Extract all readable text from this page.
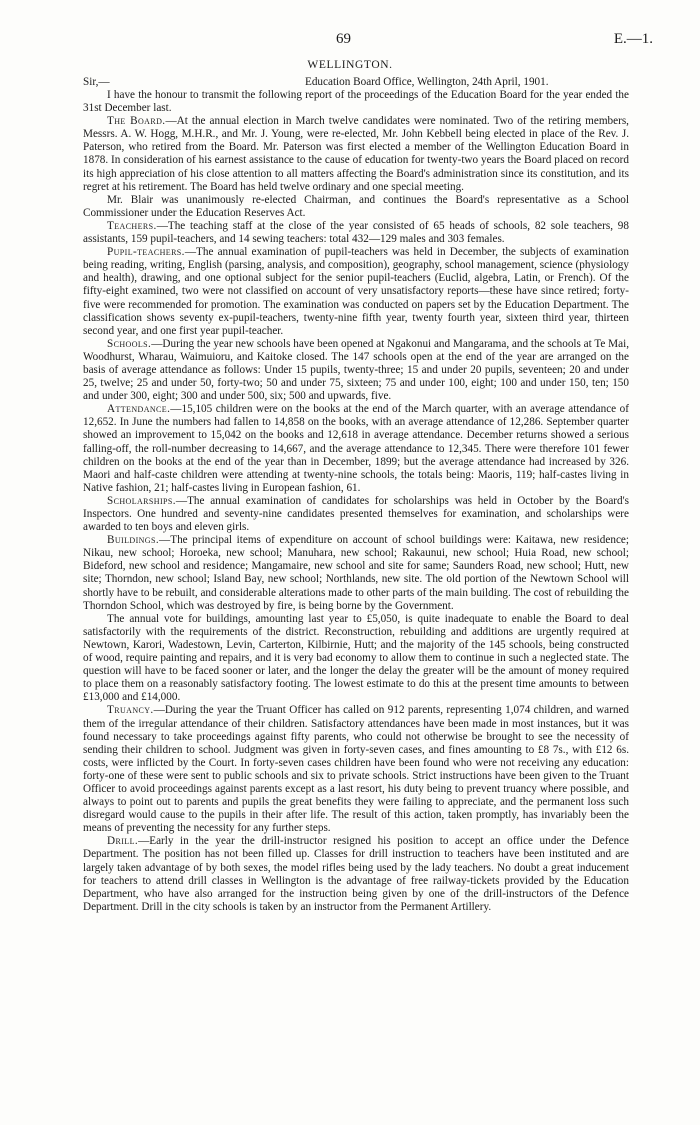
69	E.—1.
WELLINGTON.
Sir,—	Education Board Office, Wellington, 24th April, 1901.

I have the honour to transmit the following report of the proceedings of the Education Board for the year ended the 31st December last.

The Board.—At the annual election in March twelve candidates were nominated. Two of the retiring members, Messrs. A. W. Hogg, M.H.R., and Mr. J. Young, were re-elected, Mr. John Kebbell being elected in place of the Rev. J. Paterson, who retired from the Board. Mr. Paterson was first elected a member of the Wellington Education Board in 1878. In consideration of his earnest assistance to the cause of education for twenty-two years the Board placed on record its high appreciation of his close attention to all matters affecting the Board's administration since its constitution, and its regret at his retirement. The Board has held twelve ordinary and one special meeting.

Mr. Blair was unanimously re-elected Chairman, and continues the Board's representative as a School Commissioner under the Education Reserves Act.

Teachers.—The teaching staff at the close of the year consisted of 65 heads of schools, 82 sole teachers, 98 assistants, 159 pupil-teachers, and 14 sewing teachers: total 432—129 males and 303 females.

Pupil-teachers.—The annual examination of pupil-teachers was held in December, the subjects of examination being reading, writing, English (parsing, analysis, and composition), geography, school management, science (physiology and health), drawing, and one optional subject for the senior pupil-teachers (Euclid, algebra, Latin, or French). Of the fifty-eight examined, two were not classified on account of very unsatisfactory reports—these have since retired; forty-five were recommended for promotion. The examination was conducted on papers set by the Education Department. The classification shows seventy ex-pupil-teachers, twenty-nine fifth year, twenty fourth year, sixteen third year, thirteen second year, and one first year pupil-teacher.

Schools.—During the year new schools have been opened at Ngakonui and Mangarama, and the schools at Te Mai, Woodhurst, Wharau, Waimuioru, and Kaitoke closed. The 147 schools open at the end of the year are arranged on the basis of average attendance as follows: Under 15 pupils, twenty-three; 15 and under 20 pupils, seventeen; 20 and under 25, twelve; 25 and under 50, forty-two; 50 and under 75, sixteen; 75 and under 100, eight; 100 and under 150, ten; 150 and under 300, eight; 300 and under 500, six; 500 and upwards, five.

Attendance.—15,105 children were on the books at the end of the March quarter, with an average attendance of 12,652. In June the numbers had fallen to 14,858 on the books, with an average attendance of 12,286. September quarter showed an improvement to 15,042 on the books and 12,618 in average attendance. December returns showed a serious falling-off, the roll-number decreasing to 14,667, and the average attendance to 12,345. There were therefore 101 fewer children on the books at the end of the year than in December, 1899; but the average attendance had increased by 326. Maori and half-caste children were attending at twenty-nine schools, the totals being: Maoris, 119; half-castes living in Native fashion, 21; half-castes living in European fashion, 61.

Scholarships.—The annual examination of candidates for scholarships was held in October by the Board's Inspectors. One hundred and seventy-nine candidates presented themselves for examination, and scholarships were awarded to ten boys and eleven girls.

Buildings.—The principal items of expenditure on account of school buildings were: Kaitawa, new residence; Nikau, new school; Horoeka, new school; Manuhara, new school; Rakaunui, new school; Huia Road, new school; Bideford, new school and residence; Mangamaire, new school and site for same; Saunders Road, new school; Hutt, new site; Thorndon, new school; Island Bay, new school; Northlands, new site. The old portion of the Newtown School will shortly have to be rebuilt, and considerable alterations made to other parts of the main building. The cost of rebuilding the Thorndon School, which was destroyed by fire, is being borne by the Government.

The annual vote for buildings, amounting last year to £5,050, is quite inadequate to enable the Board to deal satisfactorily with the requirements of the district. Reconstruction, rebuilding and additions are urgently required at Newtown, Karori, Wadestown, Levin, Carterton, Kilbirnie, Hutt; and the majority of the 145 schools, being constructed of wood, require painting and repairs, and it is very bad economy to allow them to continue in such a neglected state. The question will have to be faced sooner or later, and the longer the delay the greater will be the amount of money required to place them on a reasonably satisfactory footing. The lowest estimate to do this at the present time amounts to between £13,000 and £14,000.

Truancy.—During the year the Truant Officer has called on 912 parents, representing 1,074 children, and warned them of the irregular attendance of their children. Satisfactory attendances have been made in most instances, but it was found necessary to take proceedings against fifty parents, who could not otherwise be brought to see the necessity of sending their children to school. Judgment was given in forty-seven cases, and fines amounting to £8 7s., with £12 6s. costs, were inflicted by the Court. In forty-seven cases children have been found who were not receiving any education: forty-one of these were sent to public schools and six to private schools. Strict instructions have been given to the Truant Officer to avoid proceedings against parents except as a last resort, his duty being to prevent truancy where possible, and always to point out to parents and pupils the great benefits they were failing to appreciate, and the permanent loss such disregard would cause to the pupils in their after life. The result of this action, taken promptly, has invariably been the means of preventing the necessity for any further steps.

Drill.—Early in the year the drill-instructor resigned his position to accept an office under the Defence Department. The position has not been filled up. Classes for drill instruction to teachers have been instituted and are largely taken advantage of by both sexes, the model rifles being used by the lady teachers. No doubt a great inducement for teachers to attend drill classes in Wellington is the advantage of free railway-tickets provided by the Education Department, who have also arranged for the instruction being given by one of the drill-instructors of the Defence Department. Drill in the city schools is taken by an instructor from the Permanent Artillery.
